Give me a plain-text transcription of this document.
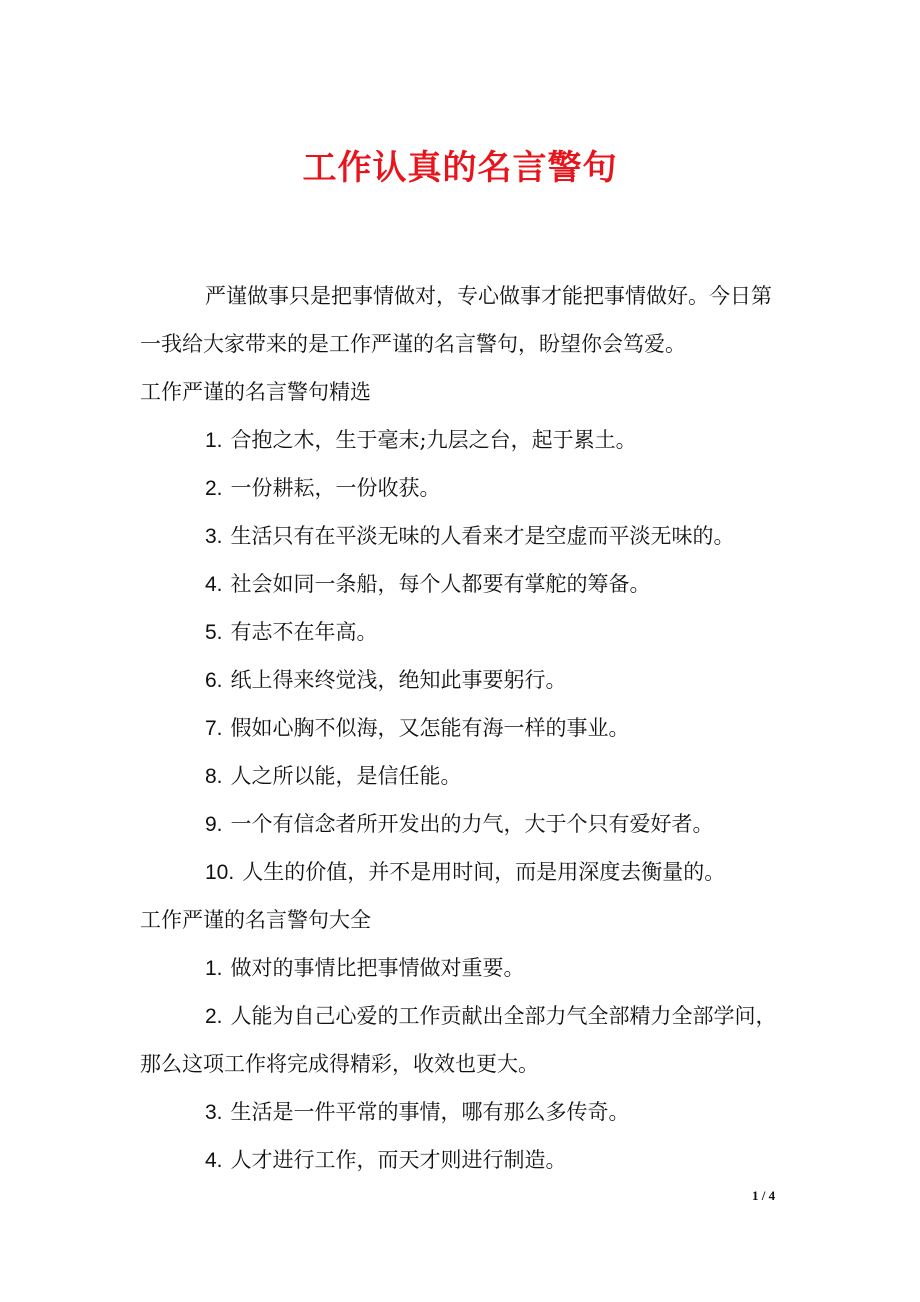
工作认真的名言警句
严谨做事只是把事情做对，专心做事才能把事情做好。今日第
一我给大家带来的是工作严谨的名言警句，盼望你会笃爱。
工作严谨的名言警句精选
1. 合抱之木，生于毫末;九层之台，起于累土。
2. 一份耕耘，一份收获。
3. 生活只有在平淡无味的人看来才是空虚而平淡无味的。
4. 社会如同一条船，每个人都要有掌舵的筹备。
5. 有志不在年高。
6. 纸上得来终觉浅，绝知此事要躬行。
7. 假如心胸不似海，又怎能有海一样的事业。
8. 人之所以能，是信任能。
9. 一个有信念者所开发出的力气，大于个只有爱好者。
10. 人生的价值，并不是用时间，而是用深度去衡量的。
工作严谨的名言警句大全
1. 做对的事情比把事情做对重要。
2. 人能为自己心爱的工作贡献出全部力气全部精力全部学问，
那么这项工作将完成得精彩，收效也更大。
3. 生活是一件平常的事情，哪有那么多传奇。
4. 人才进行工作，而天才则进行制造。
1 / 4
